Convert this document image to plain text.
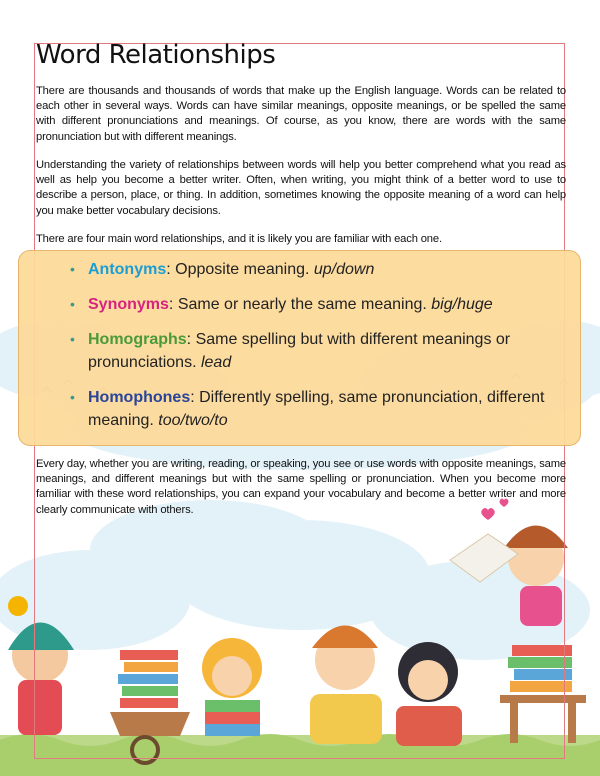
Word Relationships

There are thousands and thousands of words that make up the English language. Words can be related to each other in several ways. Words can have similar meanings, opposite meanings, or be spelled the same with different pronunciations and meanings. Of course, as you know, there are words with the same pronunciation but with different meanings.

Understanding the variety of relationships between words will help you better comprehend what you read as well as help you become a better writer. Often, when writing, you might think of a better word to use to describe a person, place, or thing. In addition, sometimes knowing the opposite meaning of a word can help you make better vocabulary decisions.

There are four main word relationships, and it is likely you are familiar with each one.

• Antonyms: Opposite meaning. up/down
• Synonyms: Same or nearly the same meaning. big/huge
• Homographs: Same spelling but with different meanings or pronunciations. lead
• Homophones: Differently spelling, same pronunciation, different meaning. too/two/to

Every day, whether you are writing, reading, or speaking, you see or use words with opposite meanings, same meanings, and different meanings but with the same spelling or pronunciation. When you become more familiar with these word relationships, you can expand your vocabulary and become a better writer and more clearly communicate with others.
